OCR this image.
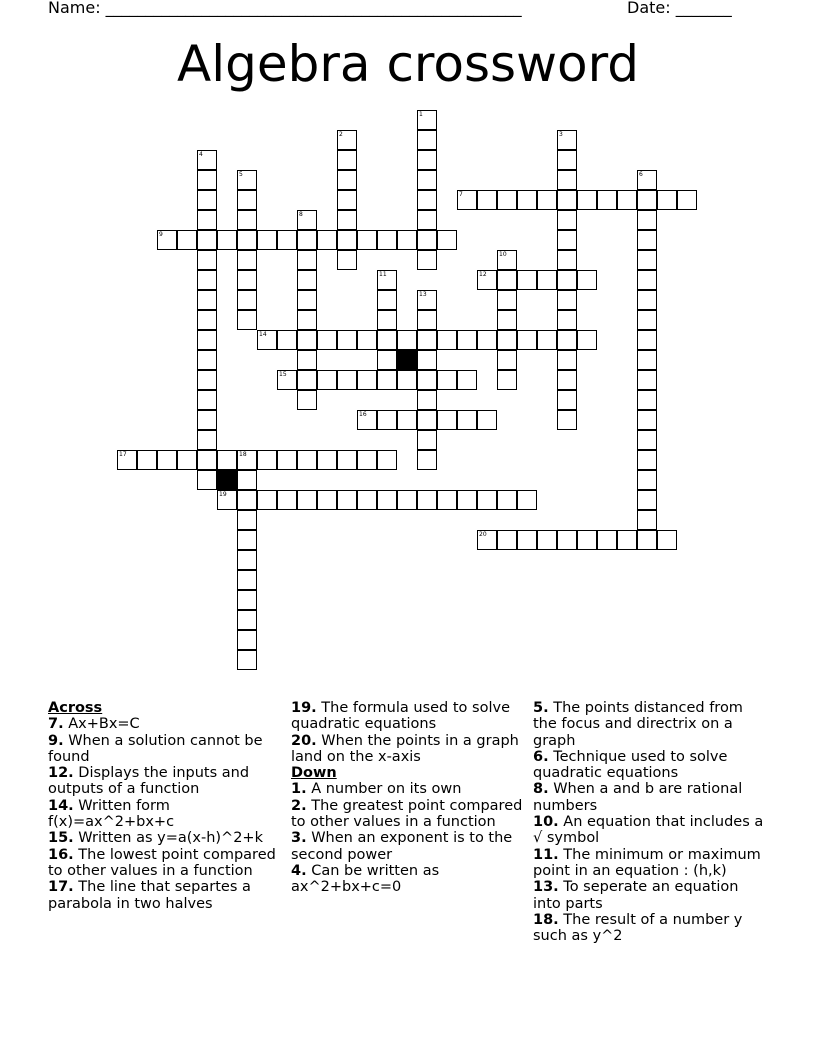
Name: ____________________________________________________	Date: _______
Algebra crossword
1
2	3
4
5	6
7
8
9
10
11	12
13
14
15
16
17	18
19
20
Across

7. Ax+Bx=C

9. When a solution cannot be found

12. Displays the inputs and outputs of a function

14. Written form f(x)=ax^2+bx+c

15. Written as y=a(x-h)^2+k

16. The lowest point compared to other values in a function

17. The line that separtes a parabola in two halves

19. The formula used to solve quadratic equations

20. When the points in a graph land on the x-axis

Down

1. A number on its own

2. The greatest point compared to other values in a function

3. When an exponent is to the second power

4. Can be written as ax^2+bx+c=0

5. The points distanced from the focus and directrix on a graph

6. Technique used to solve quadratic equations

8. When a and b are rational numbers

10. An equation that includes a √ symbol

11. The minimum or maximum point in an equation : (h,k)

13. To seperate an equation into parts

18. The result of a number y such as y^2
